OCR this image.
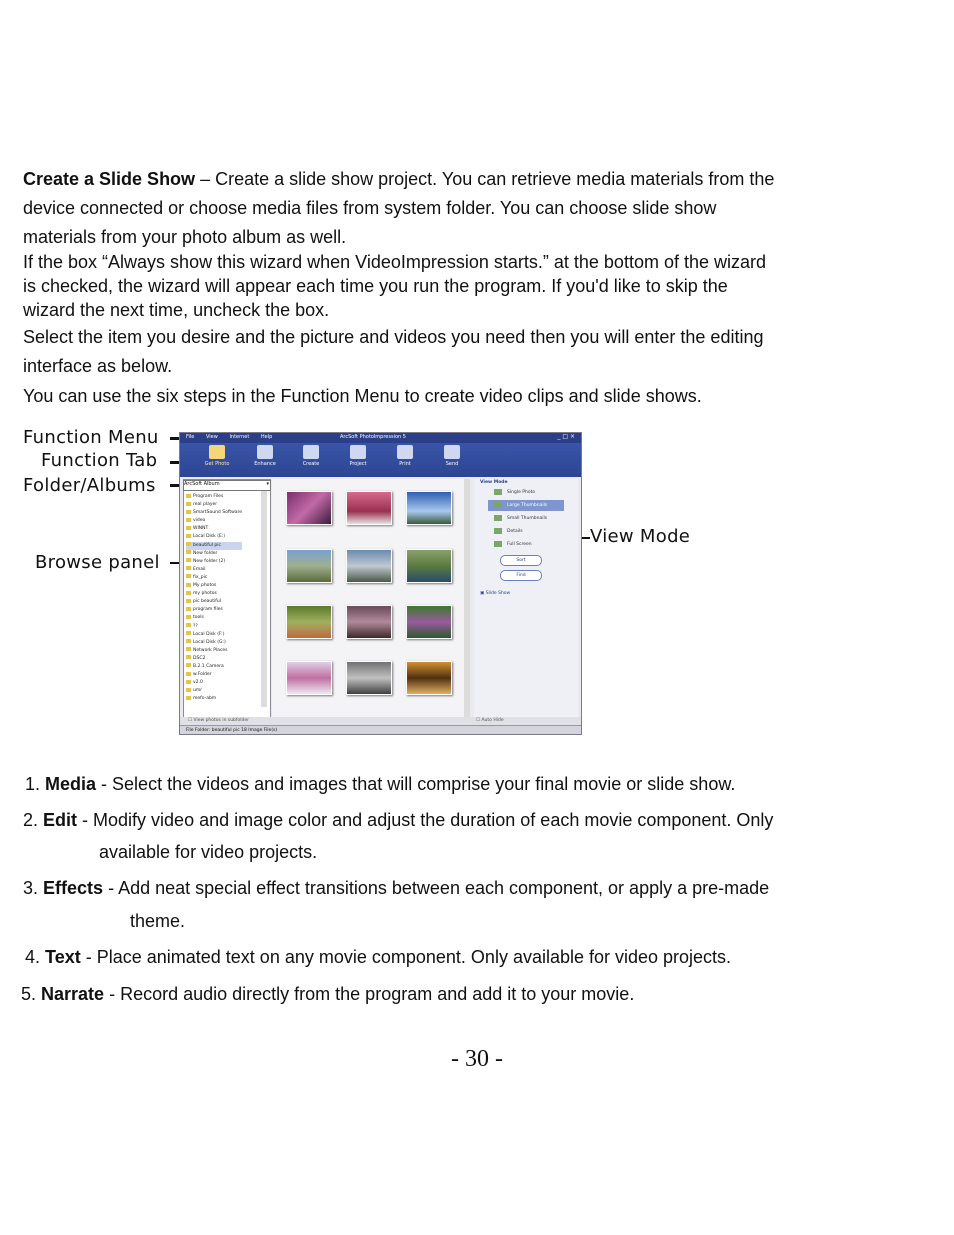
Create a Slide Show – Create a slide show project. You can retrieve media materials from the
device connected or choose media files from system folder. You can choose slide show
materials from your photo album as well.
If the box “Always show this wizard when VideoImpression starts.” at the bottom of the wizard
is checked, the wizard will appear each time you run the program. If you'd like to skip the
wizard the next time, uncheck the box.
Select the item you desire and the picture and videos you need then you will enter the editing
interface as below.
You can use the six steps in the Function Menu to create video clips and slide shows.
Function Menu
Function Tab
Folder/Albums
Browse panel
View Mode
File View Internet Help	ArcSoft PhotoImpression 5	_ □ ×
Get Photo	Enhance	Create	Project	Print	Send
ArcSoft Album	▾
Program Files
real player
SmartSound Software
video
WINNT
Local Disk (E:)
beautiful pic
New folder
New folder (2)
Email
fix_pic
My photos
my photos
pic beautiful
program files
tools
??
Local Disk (F:)
Local Disk (G:)
Network Places
DSC2
B.2.1 Camera
w.Folder
v2.0
umr
mefo-abm
View Mode
Single Photo
Large Thumbnails
Small Thumbnails
Details
Full Screen
Sort
Find
▣ Slide Show
☐ View photos in subfolder	☐ Auto Hide
File Folder: beautiful pic 18 Image File(s)
1. Media - Select the videos and images that will comprise your final movie or slide show.
2. Edit - Modify video and image color and adjust the duration of each movie component. Only
available for video projects.
3. Effects - Add neat special effect transitions between each component, or apply a pre-made
theme.
4. Text - Place animated text on any movie component. Only available for video projects.
5. Narrate - Record audio directly from the program and add it to your movie.
- 30 -
